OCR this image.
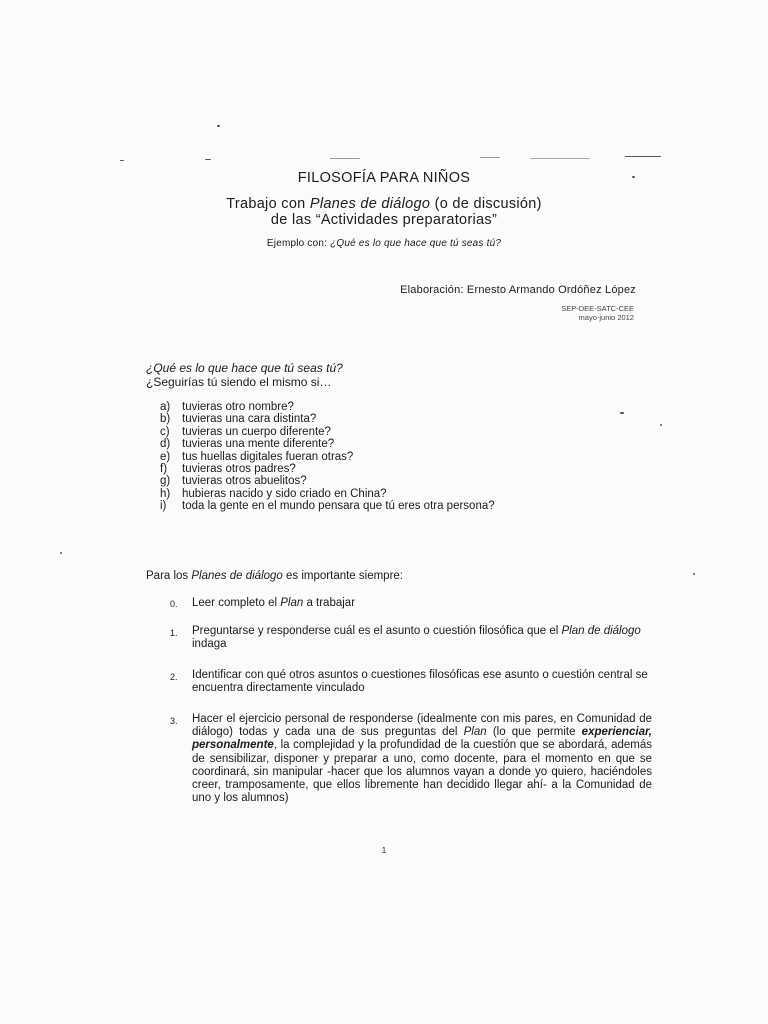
FILOSOFÍA PARA NIÑOS
Trabajo con Planes de diálogo (o de discusión)
de las “Actividades preparatorias”
Ejemplo con: ¿Qué es lo que hace que tú seas tú?
Elaboración: Ernesto Armando Ordóñez López
SEP-DEE-SATC-CEE
mayo-junio 2012
¿Qué es lo que hace que tú seas tú?
¿Seguirías tú siendo el mismo si…
a)	tuvieras otro nombre?
b)	tuvieras una cara distinta?
c)	tuvieras un cuerpo diferente?
d)	tuvieras una mente diferente?
e)	tus huellas digitales fueran otras?
f)	tuvieras otros padres?
g)	tuvieras otros abuelitos?
h)	hubieras nacido y sido criado en China?
i)	toda la gente en el mundo pensara que tú eres otra persona?
Para los Planes de diálogo es importante siempre:
0.	Leer completo el Plan a trabajar
1.	Preguntarse y responderse cuál es el asunto o cuestión filosófica que el Plan de diálogo indaga
2.	Identificar con qué otros asuntos o cuestiones filosóficas ese asunto o cuestión central se encuentra directamente vinculado
3.	Hacer el ejercicio personal de responderse (idealmente con mis pares, en Comunidad de diálogo) todas y cada una de sus preguntas del Plan (lo que permite experienciar, personalmente, la complejidad y la profundidad de la cuestión que se abordará, además de sensibilizar, disponer y preparar a uno, como docente, para el momento en que se coordinará, sin manipular -hacer que los alumnos vayan a donde yo quiero, haciéndoles creer, tramposamente, que ellos libremente han decidido llegar ahí- a la Comunidad de uno y los alumnos)
1
